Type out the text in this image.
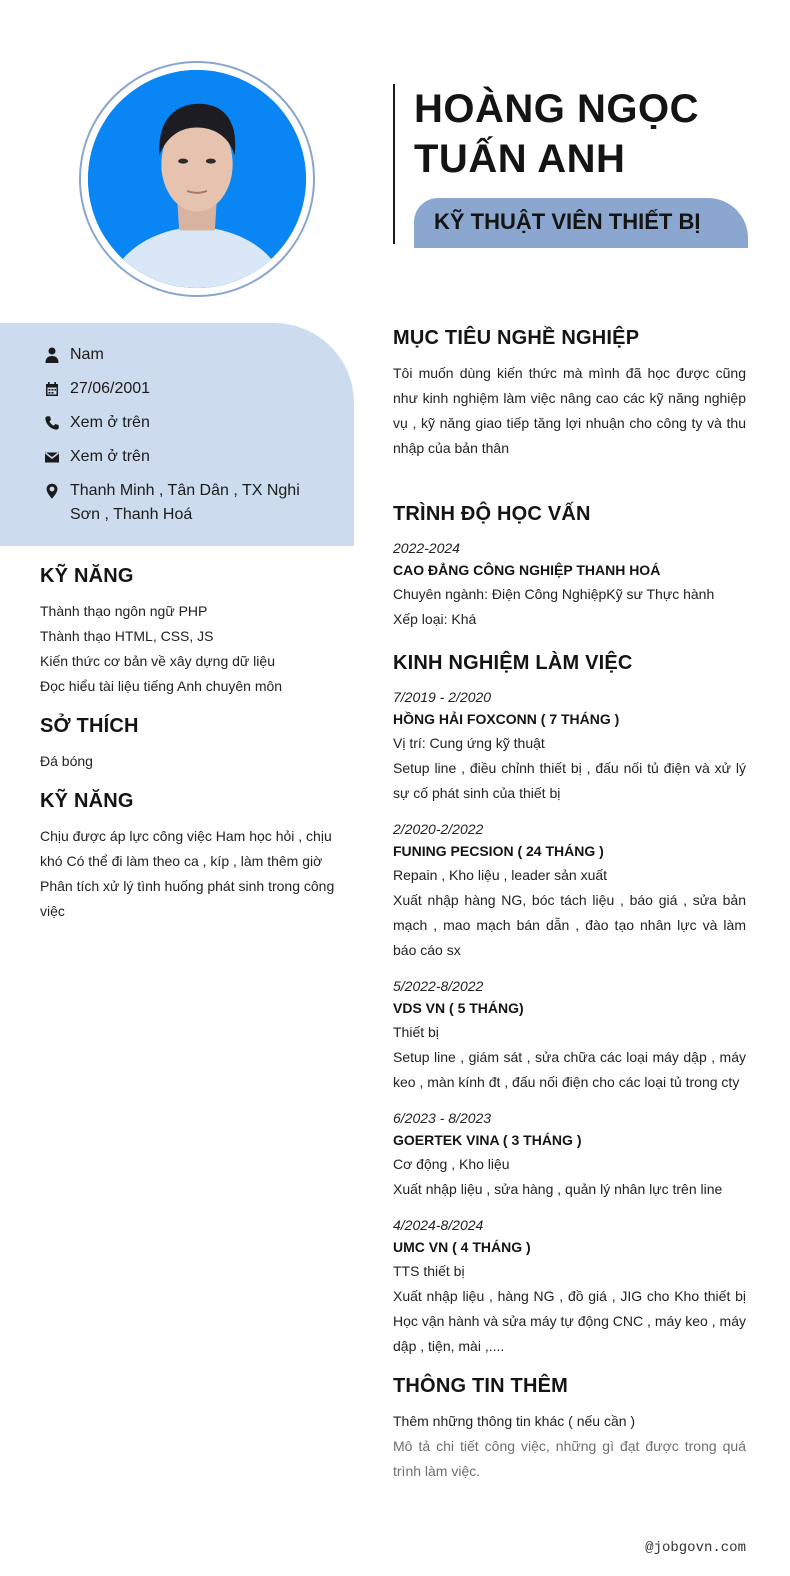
HOÀNG NGỌC
TUẤN ANH
KỸ THUẬT VIÊN THIẾT BỊ
Nam
27/06/2001
Xem ở trên
Xem ở trên
Thanh Minh , Tân Dân , TX Nghi Sơn , Thanh Hoá
KỸ NĂNG
Thành thạo ngôn ngữ PHP
Thành thạo HTML, CSS, JS
Kiến thức cơ bản về xây dựng dữ liệu
Đọc hiểu tài liệu tiếng Anh chuyên môn
SỞ THÍCH
Đá bóng
KỸ NĂNG
Chịu được áp lực công việc Ham học hỏi , chịu khó Có thể đi làm theo ca , kíp , làm thêm giờ Phân tích xử lý tình huống phát sinh trong công việc
MỤC TIÊU NGHỀ NGHIỆP
Tôi muốn dùng kiến thức mà mình đã học được cũng như kinh nghiệm làm việc nâng cao các kỹ năng nghiệp vụ , kỹ năng giao tiếp tăng lợi nhuận cho công ty và thu nhập của bản thân
TRÌNH ĐỘ HỌC VẤN
2022-2024
CAO ĐẲNG CÔNG NGHIỆP THANH HOÁ
Chuyên ngành: Điện Công NghiệpKỹ sư Thực hành
Xếp loại: Khá
KINH NGHIỆM LÀM VIỆC
7/2019 - 2/2020
HỒNG HẢI FOXCONN ( 7 THÁNG )
Vị trí: Cung ứng kỹ thuật
Setup line , điều chỉnh thiết bị , đấu nối tủ điện và xử lý sự cố phát sinh của thiết bị
2/2020-2/2022
FUNING PECSION ( 24 THÁNG )
Repain , Kho liệu , leader sản xuất
Xuất nhập hàng NG, bóc tách liệu , báo giá , sửa bản mạch , mao mạch bán dẫn , đào tạo nhân lực và làm báo cáo sx
5/2022-8/2022
VDS VN ( 5 THÁNG)
Thiết bị
Setup line , giám sát , sửa chữa các loại máy dập , máy keo , màn kính đt , đấu nối điện cho các loại tủ trong cty
6/2023 - 8/2023
GOERTEK VINA ( 3 THÁNG )
Cơ động , Kho liệu
Xuất nhập liệu , sửa hàng , quản lý nhân lực trên line
4/2024-8/2024
UMC VN ( 4 THÁNG )
TTS thiết bị
Xuất nhập liệu , hàng NG , đồ giá , JIG cho Kho thiết bị Học vận hành và sửa máy tự động CNC , máy keo , máy dập , tiện, mài ,....
THÔNG TIN THÊM
Thêm những thông tin khác ( nếu cần )
Mô tả chi tiết công việc, những gì đạt được trong quá trình làm việc.
@jobgovn.com
